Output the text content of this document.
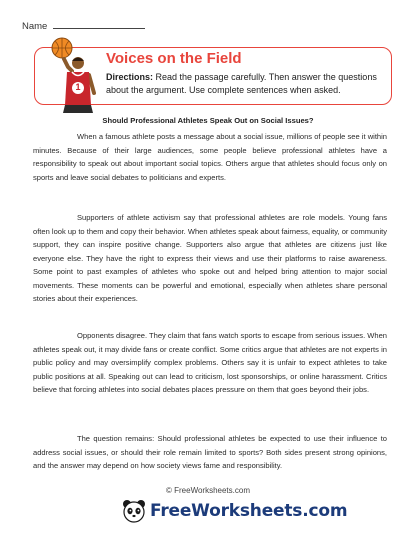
Name
1
Voices on the Field
Directions: Read the passage carefully. Then answer the questions about the argument. Use complete sentences when asked.
Should Professional Athletes Speak Out on Social Issues?

When a famous athlete posts a message about a social issue, millions of people see it within minutes. Because of their large audiences, some people believe professional athletes have a responsibility to speak out about important social topics. Others argue that athletes should focus only on sports and leave social debates to politicians and experts.

Supporters of athlete activism say that professional athletes are role models. Young fans often look up to them and copy their behavior. When athletes speak about fairness, equality, or community support, they can inspire positive change. Supporters also argue that athletes are citizens just like everyone else. They have the right to express their views and use their platforms to raise awareness. Some point to past examples of athletes who spoke out and helped bring attention to major social movements. These moments can be powerful and emotional, especially when athletes share personal stories about their experiences.

Opponents disagree. They claim that fans watch sports to escape from serious issues. When athletes speak out, it may divide fans or create conflict. Some critics argue that athletes are not experts in public policy and may oversimplify complex problems. Others say it is unfair to expect athletes to take public positions at all. Speaking out can lead to criticism, lost sponsorships, or online harassment. Critics believe that forcing athletes into social debates places pressure on them that goes beyond their jobs.

The question remains: Should professional athletes be expected to use their influence to address social issues, or should their role remain limited to sports? Both sides present strong opinions, and the answer may depend on how society views fame and responsibility.

© FreeWorksheets.com
FreeWorksheets.com
